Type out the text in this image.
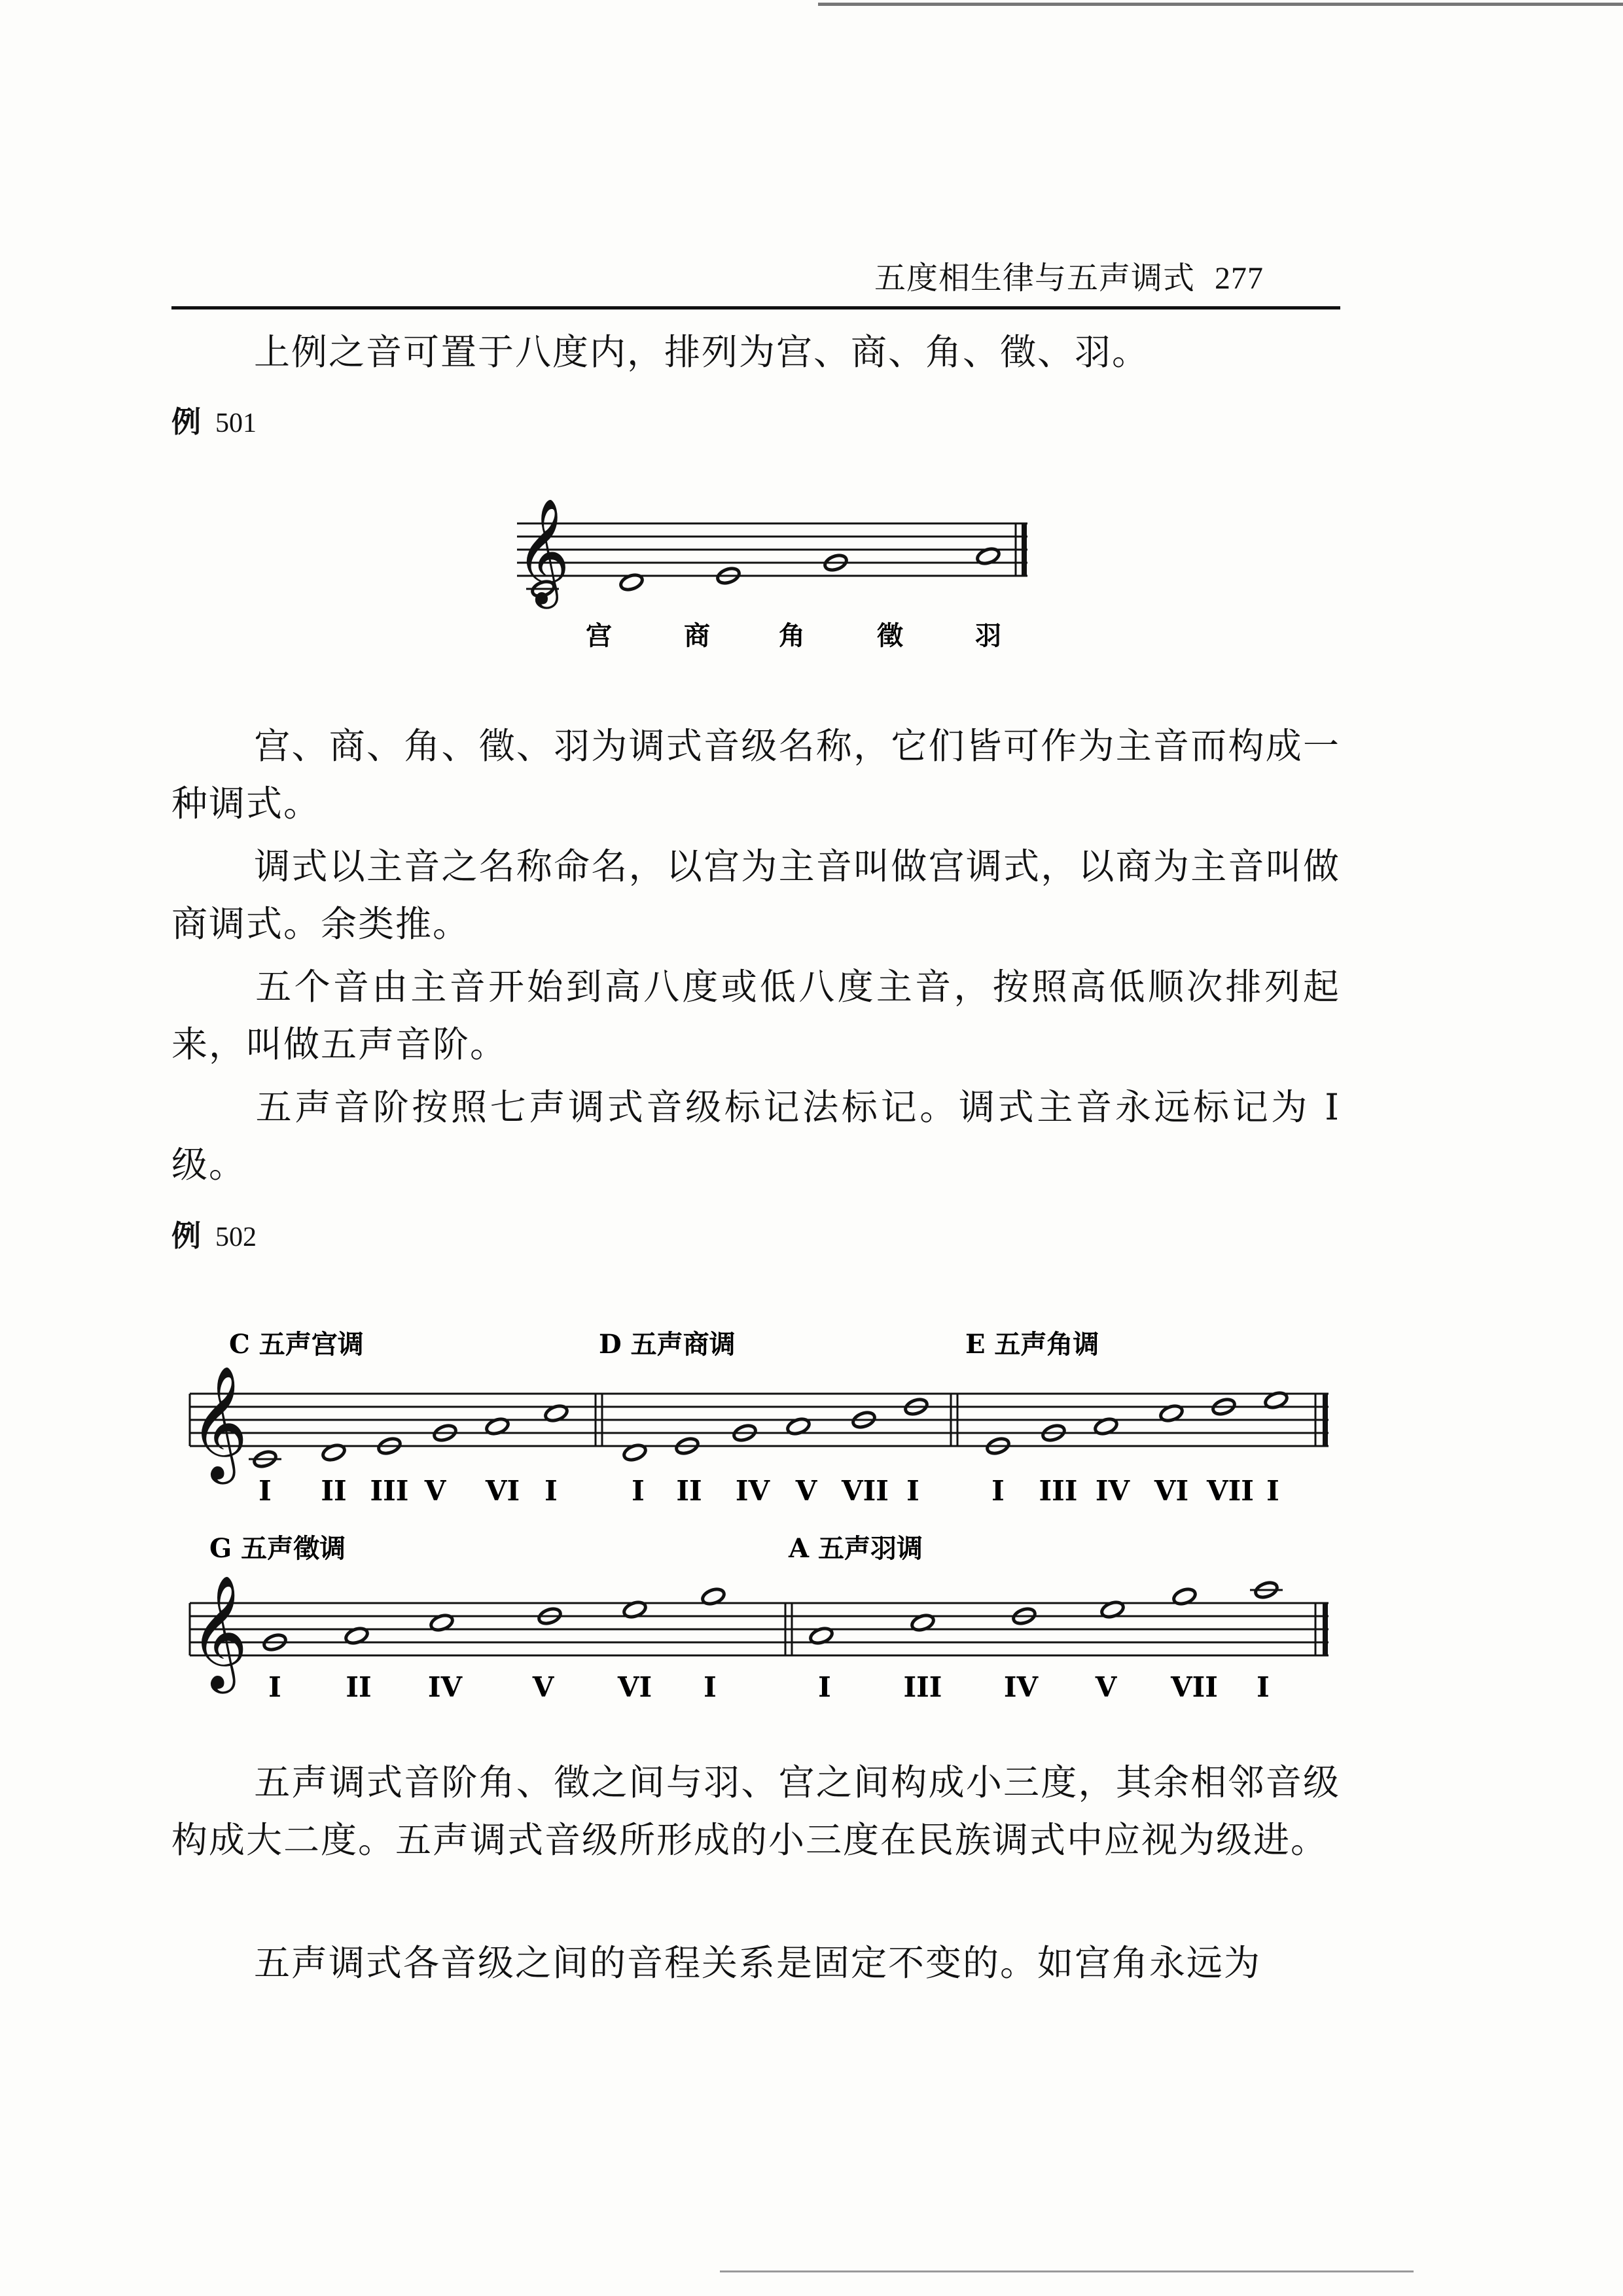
五度相生律与五声调式 277
上例之音可置于八度内，排列为宫、商、角、徵、羽。
例 501
𝄞
宫	商	角	徵	羽
宫、商、角、徵、羽为调式音级名称，它们皆可作为主音而构成一种调式。
调式以主音之名称命名，以宫为主音叫做宫调式，以商为主音叫做商调式。余类推。
五个音由主音开始到高八度或低八度主音，按照高低顺次排列起来，叫做五声音阶。
五声音阶按照七声调式音级标记法标记。调式主音永远标记为 Ⅰ级。
例 502
C 五声宫调	D 五声商调	E 五声角调
𝄞
I II III V VI I	I II IV V VII I	I III IV VI VII I
G 五声徵调	A 五声羽调
𝄞 I II IV	V VI I	I	III IV V VII I
五声调式音阶角、徵之间与羽、宫之间构成小三度，其余相邻音级构成大二度。五声调式音级所形成的小三度在民族调式中应视为级进。
五声调式各音级之间的音程关系是固定不变的。如宫角永远为
